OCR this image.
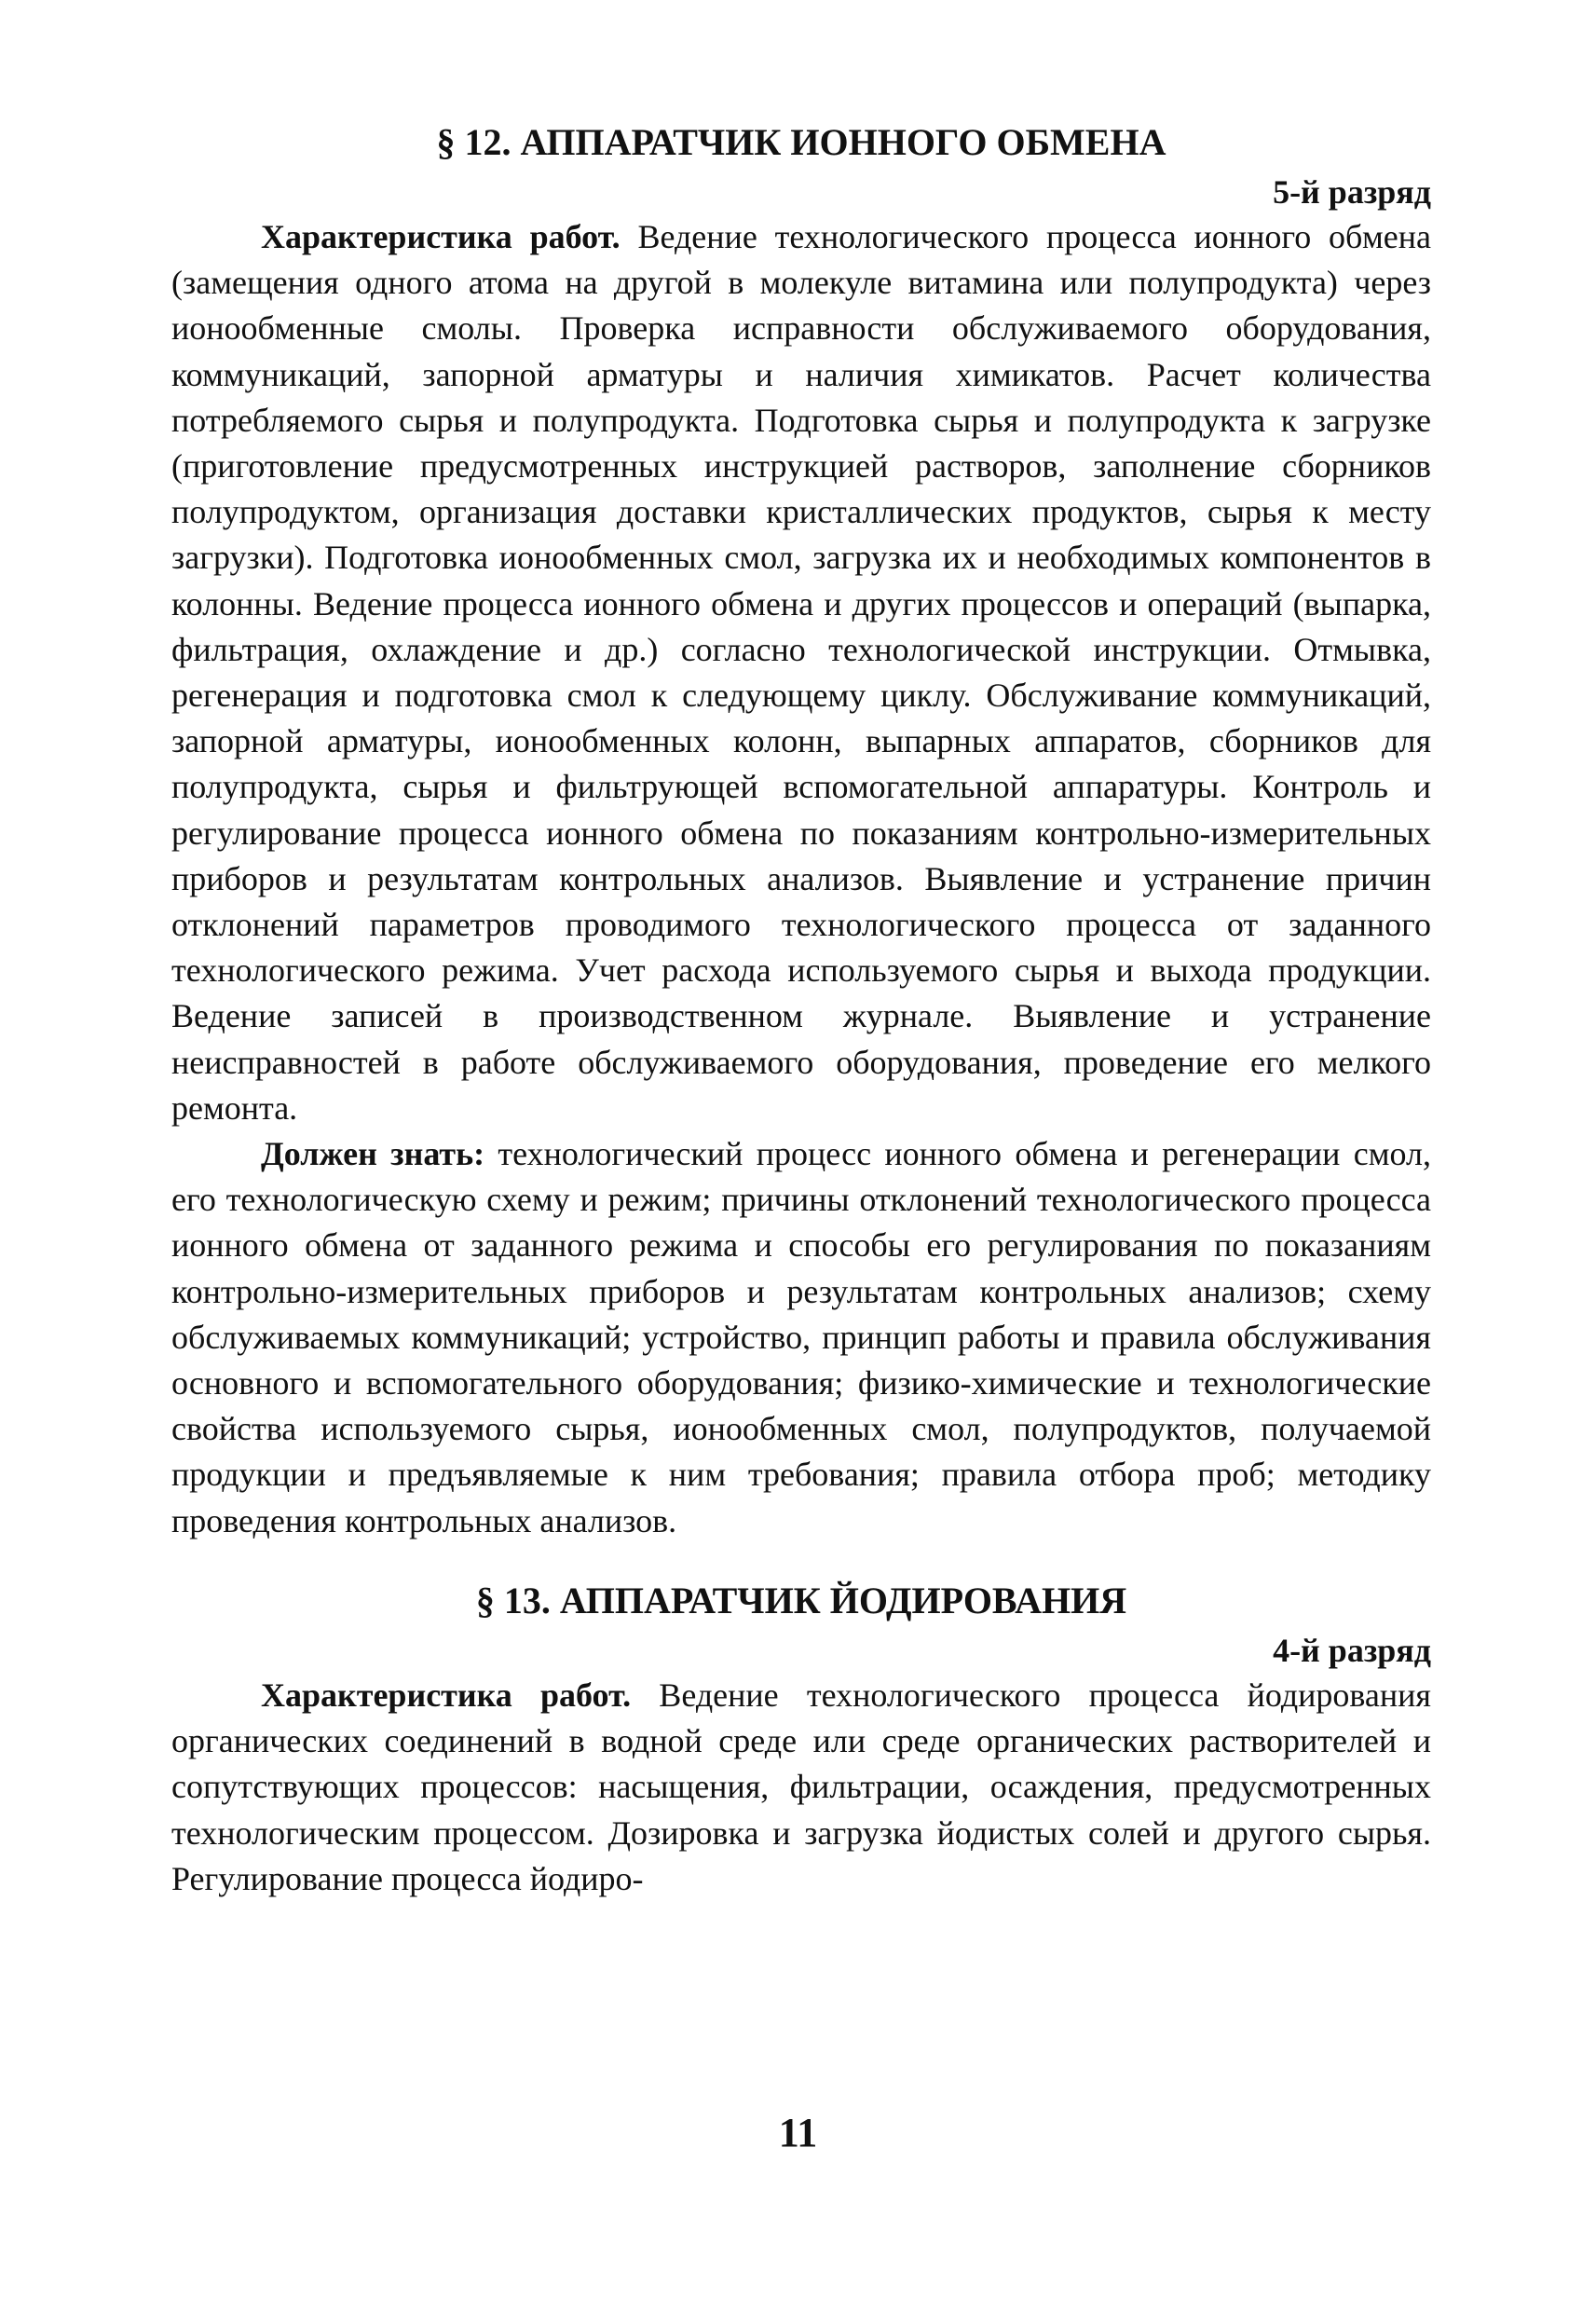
§ 12. АППАРАТЧИК ИОННОГО ОБМЕНА
5-й разряд

Характеристика работ. Ведение технологического процесса ионного обмена (замещения одного атома на другой в молекуле витамина или полупродукта) через ионообменные смолы. Проверка исправности обслуживаемого оборудования, коммуникаций, запорной арматуры и наличия химикатов. Расчет количества потребляемого сырья и полупродукта. Подготовка сырья и полупродукта к загрузке (приготовление предусмотренных инструкцией растворов, заполнение сборников полупродуктом, организация доставки кристаллических продуктов, сырья к месту загрузки). Подготовка ионообменных смол, загрузка их и необходимых компонентов в колонны. Ведение процесса ионного обмена и других процессов и операций (выпарка, фильтрация, охлаждение и др.) согласно технологической инструкции. Отмывка, регенерация и подготовка смол к следующему циклу. Обслуживание коммуникаций, запорной арматуры, ионообменных колонн, выпарных аппаратов, сборников для полупродукта, сырья и фильтрующей вспомогательной аппаратуры. Контроль и регулирование процесса ионного обмена по показаниям контрольно-измерительных приборов и результатам контрольных анализов. Выявление и устранение причин отклонений параметров проводимого технологического процесса от заданного технологического режима. Учет расхода используемого сырья и выхода продукции. Ведение записей в производственном журнале. Выявление и устранение неисправностей в работе обслуживаемого оборудования, проведение его мелкого ремонта.

Должен знать: технологический процесс ионного обмена и регенерации смол, его технологическую схему и режим; причины отклонений технологического процесса ионного обмена от заданного режима и способы его регулирования по показаниям контрольно-измерительных приборов и результатам контрольных анализов; схему обслуживаемых коммуникаций; устройство, принцип работы и правила обслуживания основного и вспомогательного оборудования; физико-химические и технологические свойства используемого сырья, ионообменных смол, полупродуктов, получаемой продукции и предъявляемые к ним требования; правила отбора проб; методику проведения контрольных анализов.

§ 13. АППАРАТЧИК ЙОДИРОВАНИЯ
4-й разряд

Характеристика работ. Ведение технологического процесса йодирования органических соединений в водной среде или среде органических растворителей и сопутствующих процессов: насыщения, фильтрации, осаждения, предусмотренных технологическим процессом. Дозировка и загрузка йодистых солей и другого сырья. Регулирование процесса йодиро-

11
